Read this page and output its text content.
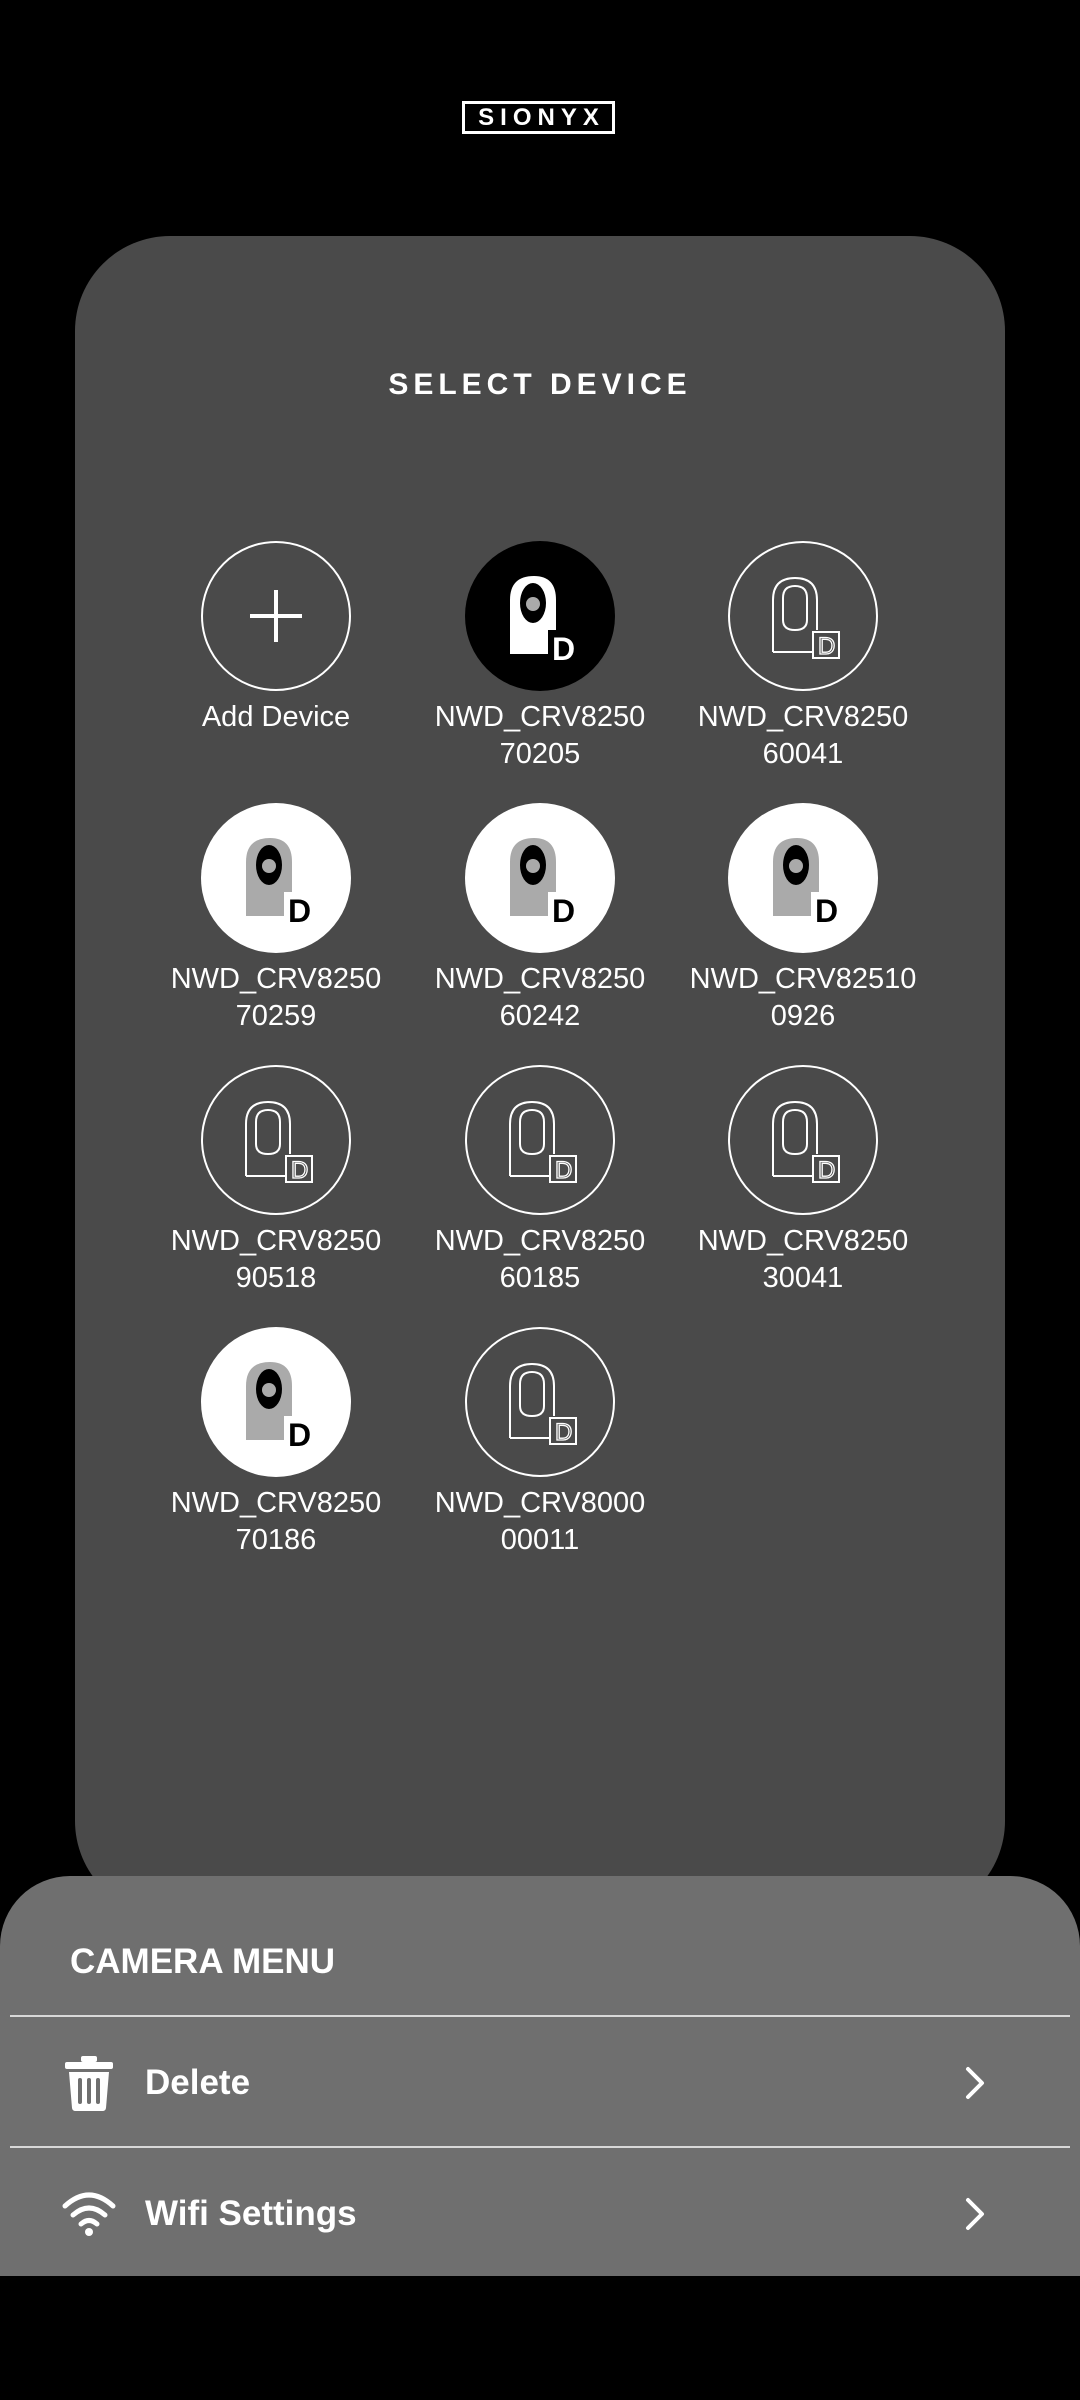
SIONYX
SELECT DEVICE
Add Device
D
NWD_CRV8250
70205
D
NWD_CRV8250
60041
D
NWD_CRV8250
70259
D
NWD_CRV8250
60242
D
NWD_CRV82510
0926
D
NWD_CRV8250
90518
D
NWD_CRV8250
60185
D
NWD_CRV8250
30041
D
NWD_CRV8250
70186
D
NWD_CRV8000
00011
CAMERA MENU
Delete
Wifi Settings
